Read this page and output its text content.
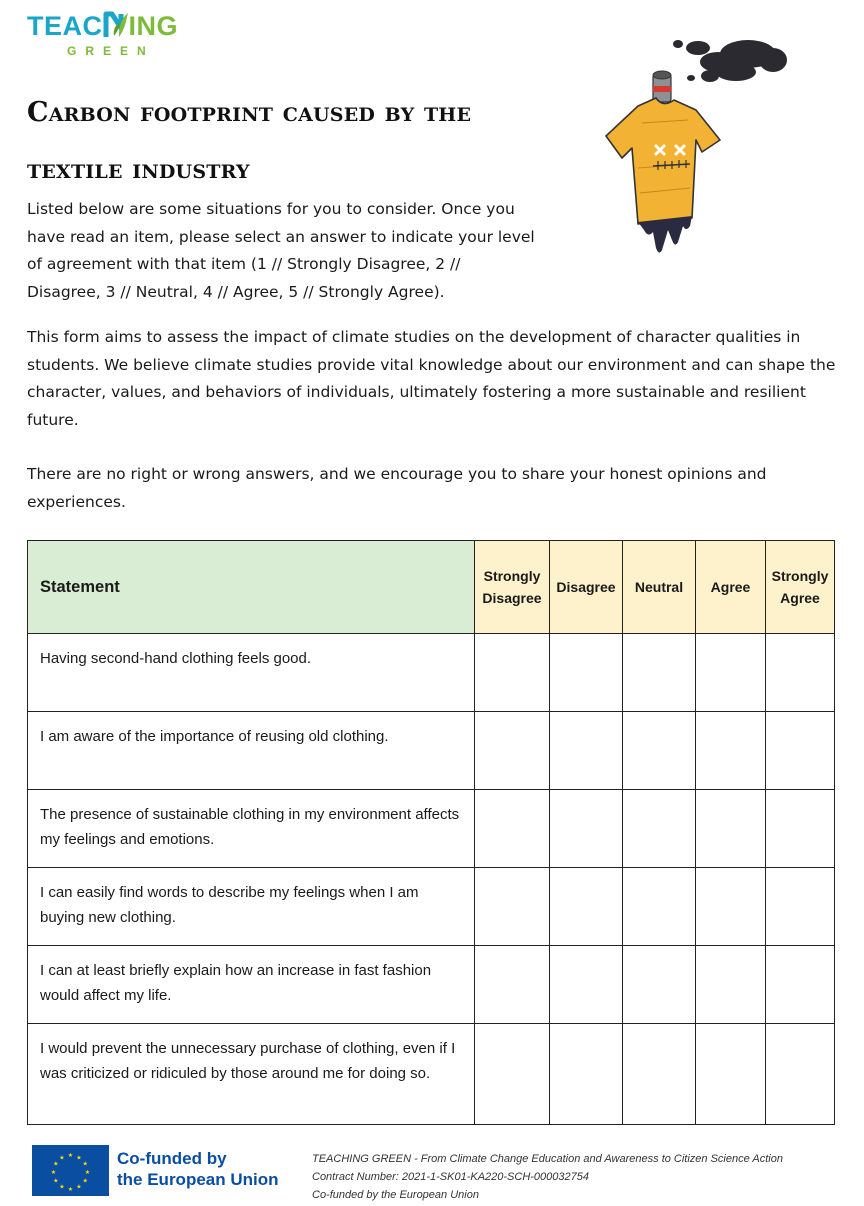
TEAC ING
GREEN
Carbon footprint caused by the textile industry

Listed below are some situations for you to consider. Once you have read an item, please select an answer to indicate your level of agreement with that item (1 // Strongly Disagree, 2 // Disagree, 3 // Neutral, 4 // Agree, 5 // Strongly Agree).

This form aims to assess the impact of climate studies on the development of character qualities in students. We believe climate studies provide vital knowledge about our environment and can shape the character, values, and behaviors of individuals, ultimately fostering a more sustainable and resilient future.

There are no right or wrong answers, and we encourage you to share your honest opinions and experiences.

Statement	Strongly Disagree	Disagree	Neutral	Agree	Strongly Agree
Having second-hand clothing feels good.					
I am aware of the importance of reusing old clothing.					
The presence of sustainable clothing in my environment affects my feelings and emotions.					
I can easily find words to describe my feelings when I am buying new clothing.					
I can at least briefly explain how an increase in fast fashion would affect my life.					
I would prevent the unnecessary purchase of clothing, even if I was criticized or ridiculed by those around me for doing so.					
★ ★
★
★
★
★
★
★
★
★
★
★	Co-funded by
the European Union
TEACHING GREEN - From Climate Change Education and Awareness to Citizen Science Action
Contract Number: 2021-1-SK01-KA220-SCH-000032754
Co-funded by the European Union
